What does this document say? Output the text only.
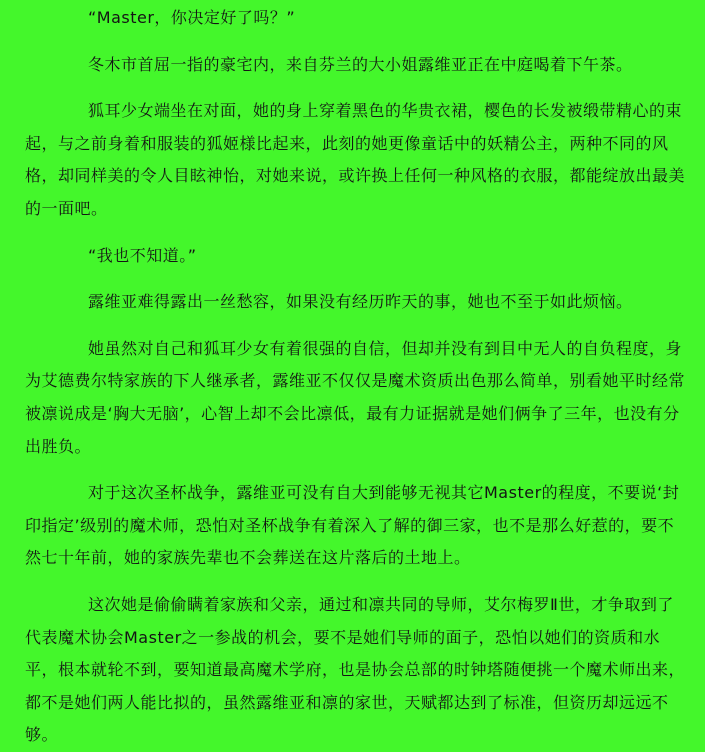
“Master，你决定好了吗？”

冬木市首屈一指的豪宅内，来自芬兰的大小姐露维亚正在中庭喝着下午茶。

狐耳少女端坐在对面，她的身上穿着黑色的华贵衣裙，樱色的长发被缎带精心的束起，与之前身着和服装的狐姬様比起来，此刻的她更像童话中的妖精公主，两种不同的风格，却同样美的令人目眩神怡，对她来说，或许换上任何一种风格的衣服，都能绽放出最美的一面吧。

“我也不知道。”

露维亚难得露出一丝愁容，如果没有经历昨天的事，她也不至于如此烦恼。

她虽然对自己和狐耳少女有着很强的自信，但却并没有到目中无人的自负程度，身为艾德费尔特家族的下人继承者，露维亚不仅仅是魔术资质出色那么简单，别看她平时经常被凛说成是‘胸大无脑’，心智上却不会比凛低，最有力证据就是她们俩争了三年，也没有分出胜负。

对于这次圣杯战争，露维亚可没有自大到能够无视其它Master的程度，不要说‘封印指定’级别的魔术师，恐怕对圣杯战争有着深入了解的御三家，也不是那么好惹的，要不然七十年前，她的家族先辈也不会葬送在这片落后的土地上。

这次她是偷偷瞒着家族和父亲，通过和凛共同的导师，艾尔梅罗Ⅱ世，才争取到了代表魔术协会Master之一参战的机会，要不是她们导师的面子，恐怕以她们的资质和水平，根本就轮不到，要知道最高魔术学府，也是协会总部的时钟塔随便挑一个魔术师出来，都不是她们两人能比拟的，虽然露维亚和凛的家世，天赋都达到了标准，但资历却远远不够。
